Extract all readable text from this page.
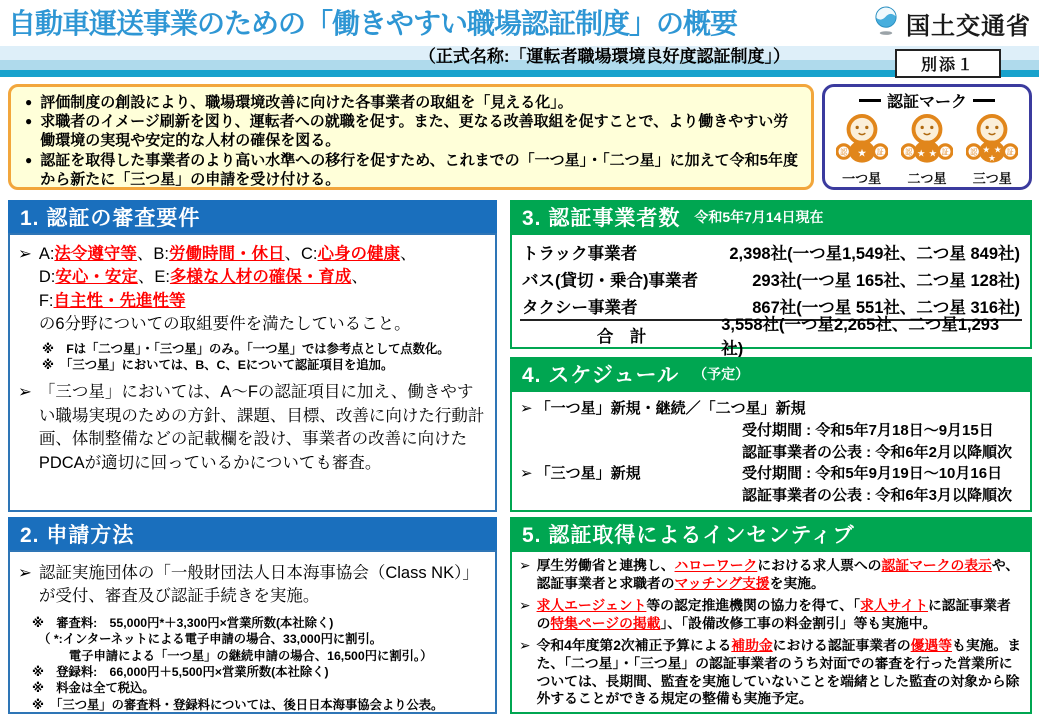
自動車運送事業のための「働きやすい職場認証制度」の概要
（正式名称:「運転者職場環境良好度認証制度」）
国土交通省
別添１
● 評価制度の創設により、職場環境改善に向けた各事業者の取組を「見える化」。
● 求職者のイメージ刷新を図り、運転者への就職を促す。また、更なる改善取組を促すことで、より働きやすい労働環境の実現や安定的な人材の確保を図る。
● 認証を取得した事業者のより高い水準への移行を促すため、これまでの「一つ星」・「二つ星」に加えて令和5年度から新たに「三つ星」の申請を受け付ける。
認証マーク
認	証
★
一つ星
認	証
★ ★
二つ星
認	証
★ ★
★
三つ星
1. 認証の審査要件
➢ A:法令遵守等、B:労働時間・休日、C:心身の健康、
D:安心・安定、E:多様な人材の確保・育成、
F:自主性・先進性等
の6分野についての取組要件を満たしていること。
※　Fは「二つ星」・「三つ星」のみ。「一つ星」では参考点として点数化。
※　「三つ星」においては、B、C、Eについて認証項目を追加。
➢ 「三つ星」においては、A～Fの認証項目に加え、働きやすい職場実現のための方針、課題、目標、改善に向けた行動計画、体制整備などの記載欄を設け、事業者の改善に向けたPDCAが適切に回っているかについても審査。
2. 申請方法
➢ 認証実施団体の「一般財団法人日本海事協会（Class NK）」が受付、審査及び認証手続きを実施。
※　審査料:　55,000円*＋3,300円×営業所数(本社除く)
　（ *:インターネットによる電子申請の場合、33,000円に割引。
　　　電子申請による「一つ星」の継続申請の場合、16,500円に割引。）
※　登録料:　66,000円＋5,500円×営業所数(本社除く)
※　料金は全て税込。
※　「三つ星」の審査料・登録料については、後日日本海事協会より公表。
3. 認証事業者数 令和5年7月14日現在
トラック事業者	2,398社(一つ星1,549社、二つ星 849社)
バス(貸切・乗合)事業者	293社(一つ星 165社、二つ星 128社)
タクシー事業者	867社(一つ星 551社、二つ星 316社)
合　計
3,558社(一つ星2,265社、二つ星1,293社)
4. スケジュール （予定）
➢ 「一つ星」新規・継続／「二つ星」新規
受付期間 : 令和5年7月18日～9月15日
認証事業者の公表 : 令和6年2月以降順次
➢ 「三つ星」新規	受付期間 : 令和5年9月19日～10月16日
認証事業者の公表 : 令和6年3月以降順次
5. 認証取得によるインセンティブ
➢ 厚生労働省と連携し、ハローワークにおける求人票への認証マークの表示や、認証事業者と求職者のマッチング支援を実施。
➢ 求人エージェント等の認定推進機関の協力を得て、「求人サイトに認証事業者の特集ページの掲載」、「設備改修工事の料金割引」等も実施中。
➢ 令和4年度第2次補正予算による補助金における認証事業者の優遇等も実施。また、「二つ星」・「三つ星」の認証事業者のうち対面での審査を行った営業所については、長期間、監査を実施していないことを端緒とした監査の対象から除外することができる規定の整備も実施予定。
